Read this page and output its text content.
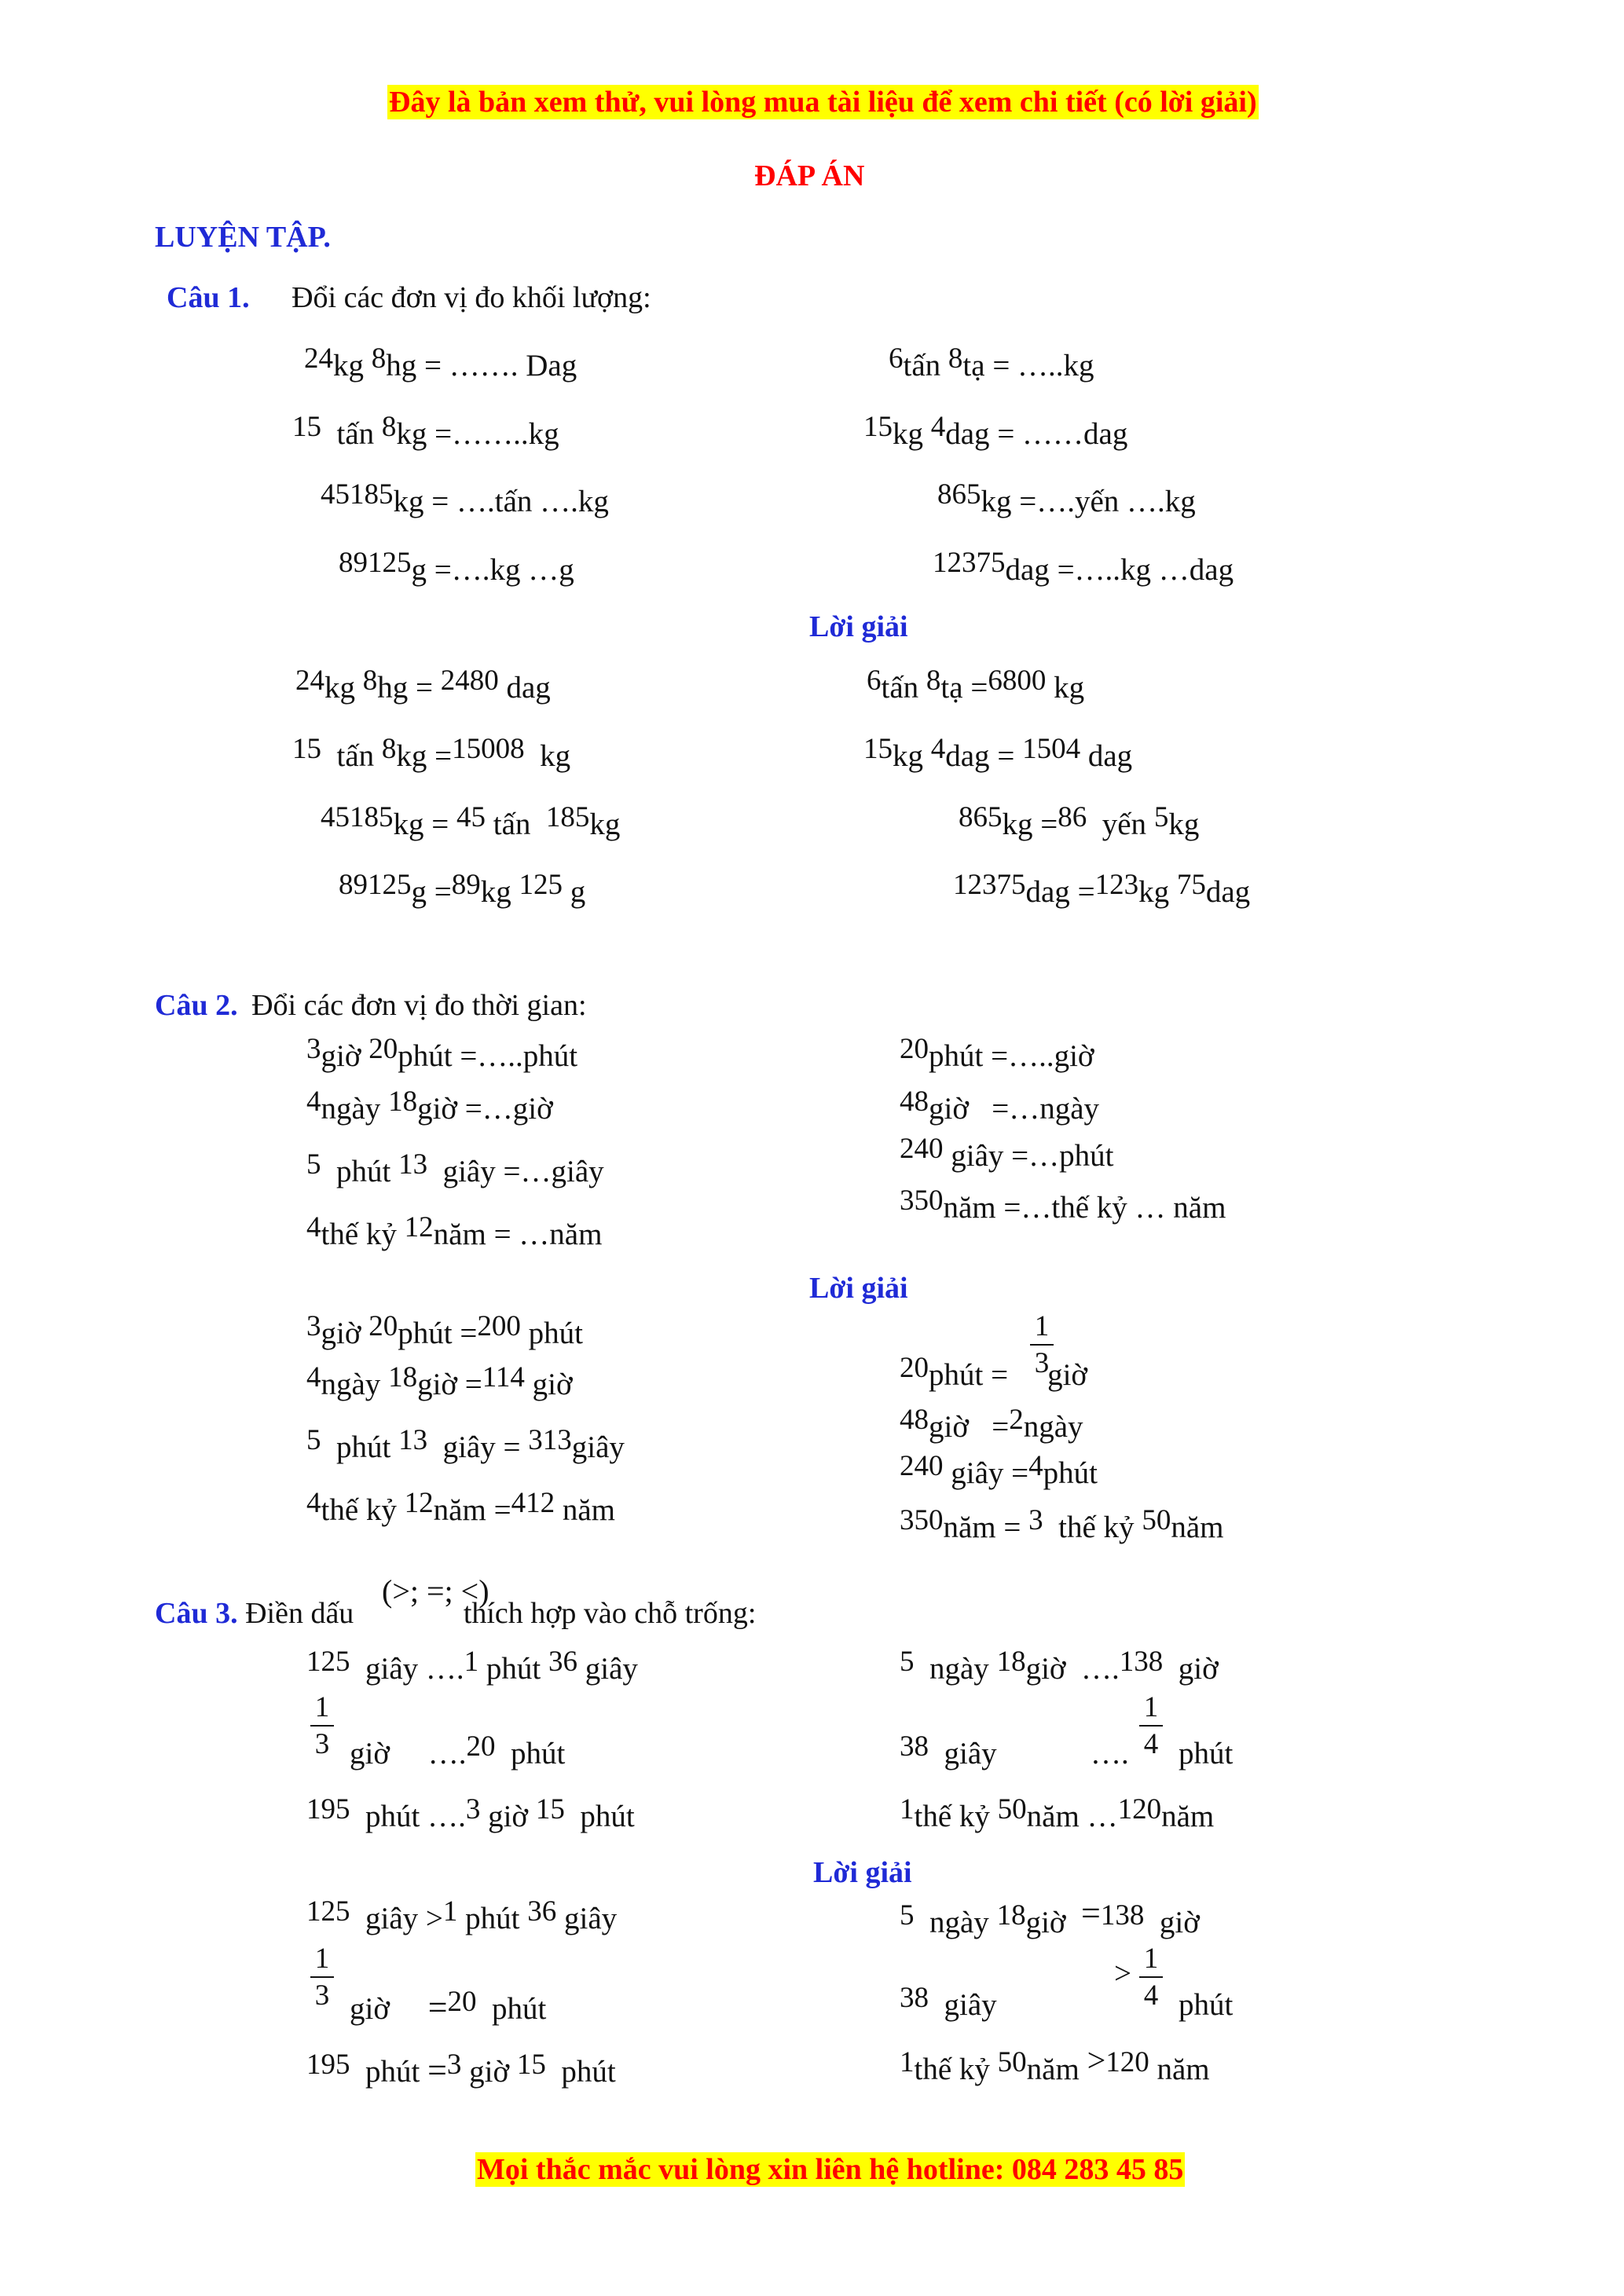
Đây là bản xem thử, vui lòng mua tài liệu để xem chi tiết (có lời giải)
ĐÁP ÁN
LUYỆN TẬP.
Câu 1. Đổi các đơn vị đo khối lượng:
24kg 8hg = ……. Dag
15 tấn 8kg =……..kg
45185kg = ….tấn ….kg
89125g =….kg …g
6tấn 8tạ = …..kg
15kg 4dag = ……dag
865kg =….yến ….kg
12375dag =…..kg …dag
Lời giải
24kg 8hg = 2480 dag
15 tấn 8kg =15008 kg
45185kg = 45 tấn 185kg
89125g =89kg 125 g
6tấn 8tạ =6800 kg
15kg 4dag = 1504 dag
865kg =86 yến 5kg
12375dag =123kg 75dag
Câu 2. Đổi các đơn vị đo thời gian:
3giờ 20phút =…..phút
4ngày 18giờ =…giờ
5 phút 13 giây =…giây
4thế kỷ 12năm = …năm
20phút =…..giờ
48giờ =…ngày
240 giây =…phút
350năm =…thế kỷ … năm
Lời giải
3giờ 20phút =200 phút
4ngày 18giờ =114 giờ
5 phút 13 giây = 313giây
4thế kỷ 12năm =412 năm
20phút = giờ
1
3
48giờ =2ngày
240 giây =4phút
350năm = 3 thế kỷ 50năm
Câu 3. Điền dấu	thích hợp vào chỗ trống:
(>; =; <)
125 giây ….1 phút 36 giây
1
3 giờ ….20 phút
195 phút ….3 giờ 15 phút
5 ngày 18giờ ….138 giờ
38 giây	….
1
4 phút
1thế kỷ 50năm …120năm
Lời giải
125 giây >1 phút 36 giây
1
3 giờ =20 phút
195 phút =3 giờ 15 phút
5 ngày 18giờ =138 giờ
38 giây
> 1
4 phút
1thế kỷ 50năm >120 năm
Mọi thắc mắc vui lòng xin liên hệ hotline: 084 283 45 85
